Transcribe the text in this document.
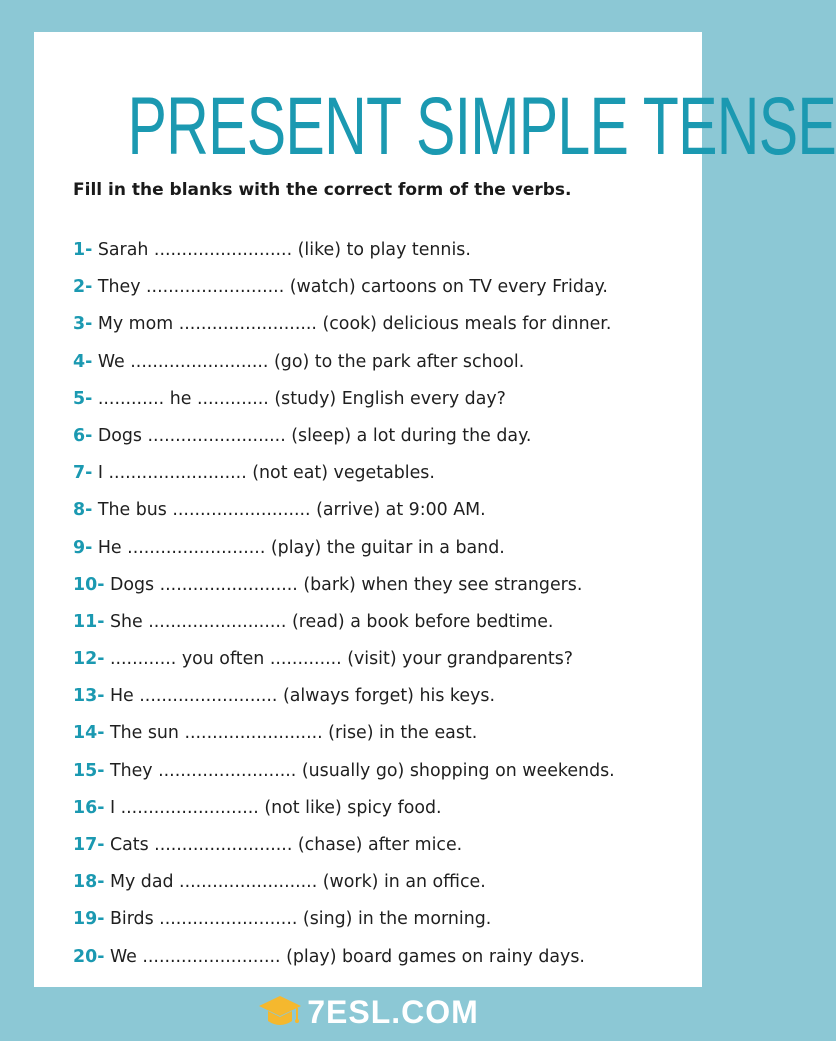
PRESENT SIMPLE TENSE
Fill in the blanks with the correct form of the verbs.
1- Sarah ......................... (like) to play tennis.
2- They ......................... (watch) cartoons on TV every Friday.
3- My mom ......................... (cook) delicious meals for dinner.
4- We ......................... (go) to the park after school.
5- ............ he ............. (study) English every day?
6- Dogs ......................... (sleep) a lot during the day.
7- I ......................... (not eat) vegetables.
8- The bus ......................... (arrive) at 9:00 AM.
9- He ......................... (play) the guitar in a band.
10- Dogs ......................... (bark) when they see strangers.
11- She ......................... (read) a book before bedtime.
12- ............ you often ............. (visit) your grandparents?
13- He ......................... (always forget) his keys.
14- The sun ......................... (rise) in the east.
15- They ......................... (usually go) shopping on weekends.
16- I ......................... (not like) spicy food.
17- Cats ......................... (chase) after mice.
18- My dad ......................... (work) in an office.
19- Birds ......................... (sing) in the morning.
20- We ......................... (play) board games on rainy days.
7ESL.COM
